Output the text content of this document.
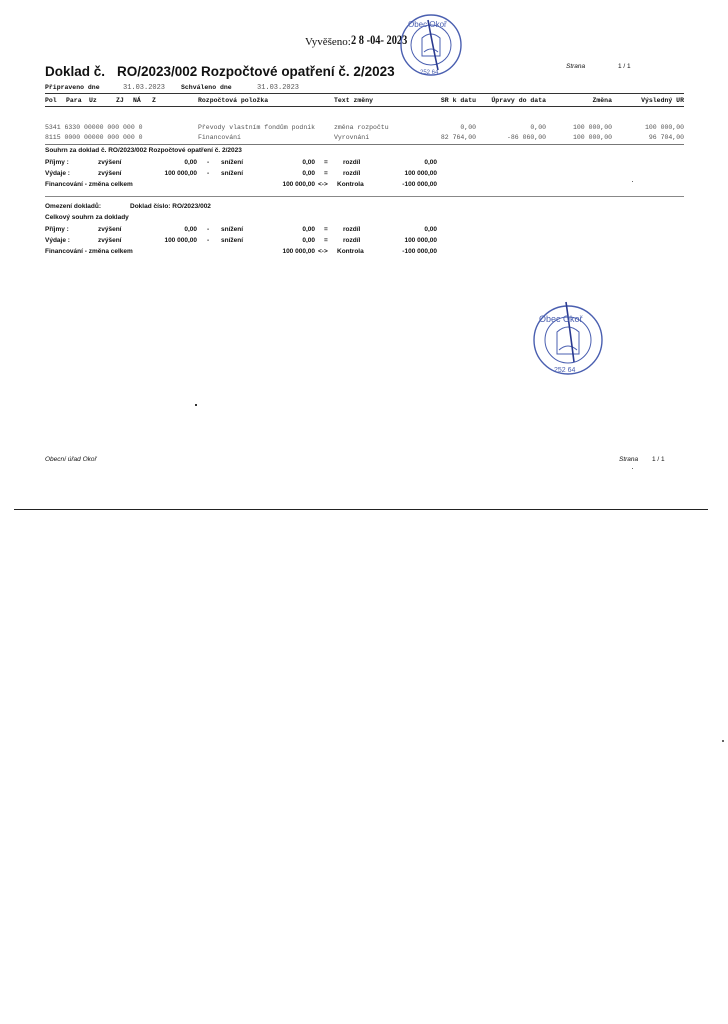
Vyvěšeno: 2 8 -04- 2023
Obec Okoř
252 64
Doklad č. RO/2023/002 Rozpočtové opatření č. 2/2023	Strana	1 / 1
Připraveno dne	31.03.2023 Schváleno dne	31.03.2023
Pol Para Uz	ZJ NÁ Z	Rozpočtová položka	Text změny	SR k datu	Úpravy do data	Změna	Výsledný UR
5341 6330 00000 000 000 0	Převody vlastním fondům podnik	změna rozpočtu	0,00	0,00	100 000,00	100 000,00
8115 0000 00000 000 000 0	Financování	Vyrovnání	82 764,00	-86 060,00	100 000,00	96 704,00
Souhrn za doklad č. RO/2023/002 Rozpočtové opatření č. 2/2023
Příjmy :	zvýšení	0,00 - snížení	0,00 = rozdíl	0,00
Výdaje :	zvýšení	100 000,00 - snížení	0,00 = rozdíl	100 000,00
Financování - změna celkem	100 000,00 <-> Kontrola	-100 000,00
Omezení dokladů:	Doklad číslo: RO/2023/002
Celkový souhrn za doklady
Příjmy :	zvýšení	0,00 - snížení	0,00 = rozdíl	0,00
Výdaje :	zvýšení	100 000,00 - snížení	0,00 = rozdíl	100 000,00
Financování - změna celkem	100 000,00 <-> Kontrola	-100 000,00
Obec Okoř
252 64
Obecní úřad Okoř	Strana 1 / 1
